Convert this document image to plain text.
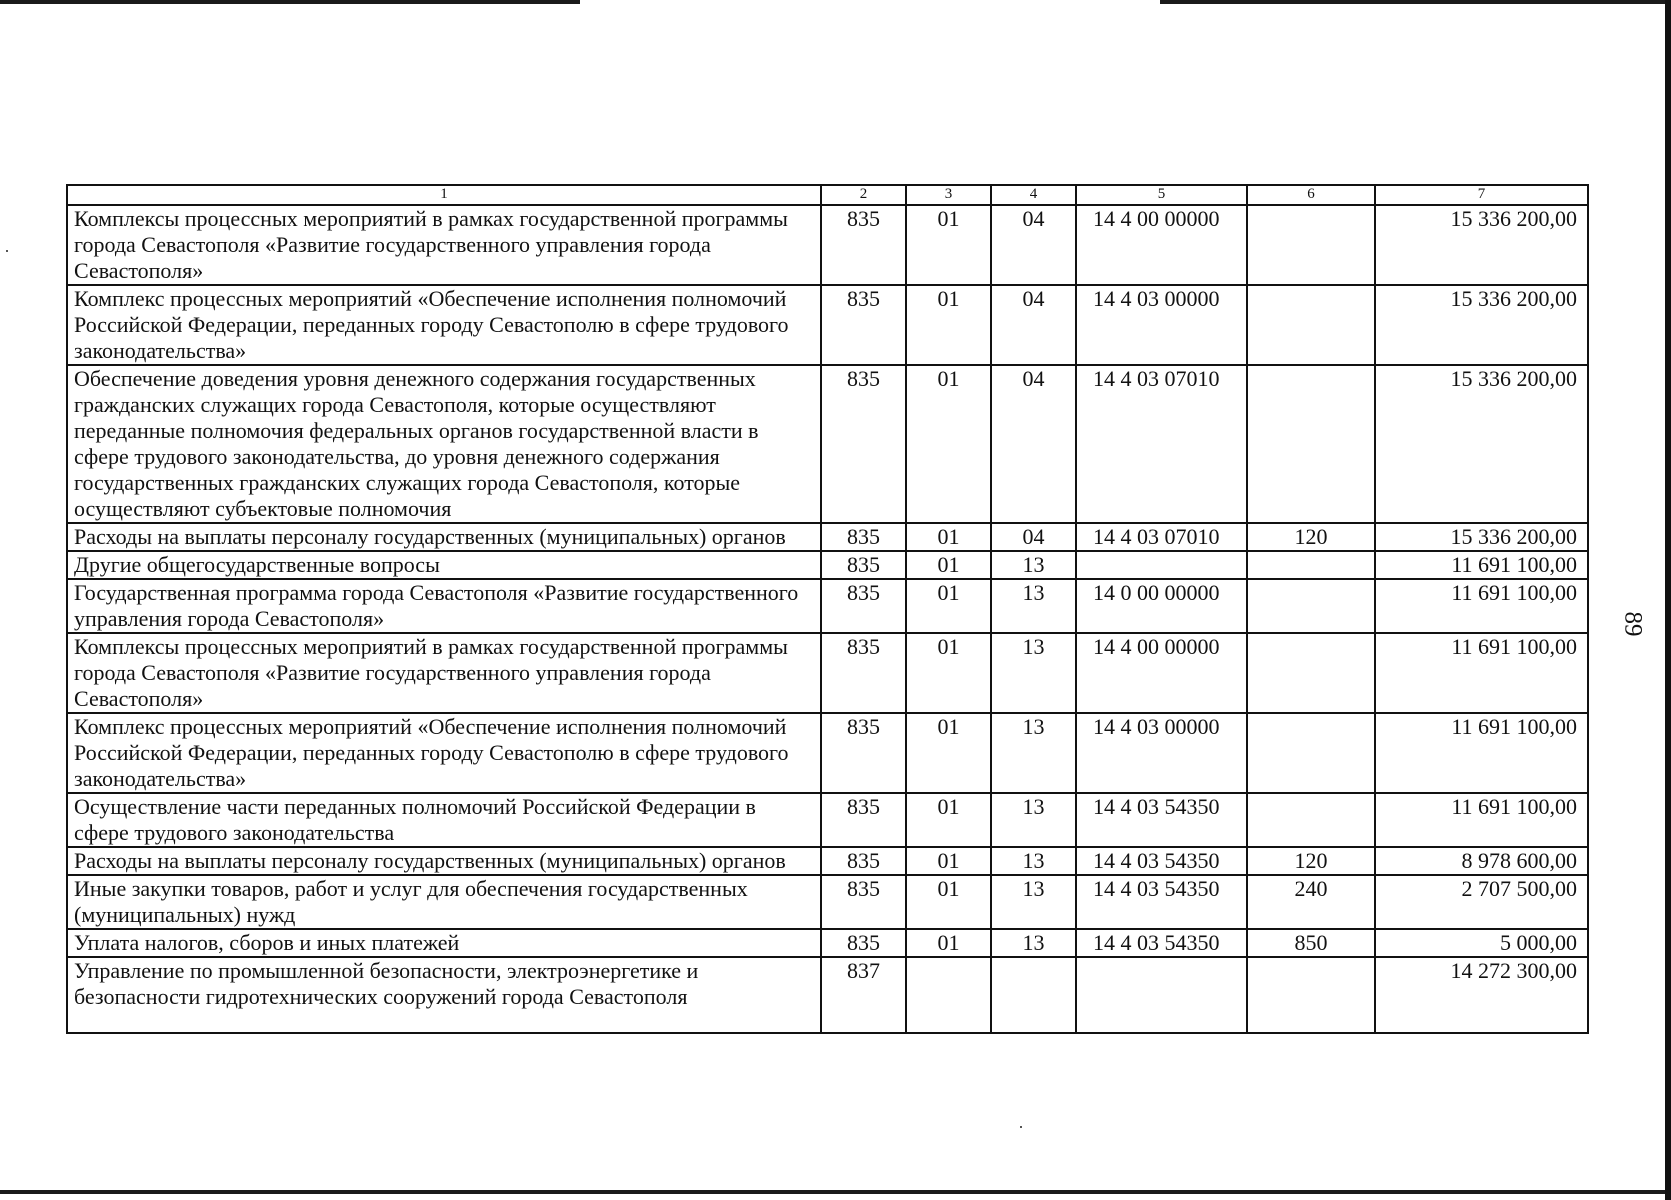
89
1	2	3	4	5	6	7
Комплексы процессных мероприятий в рамках государственной программы города Севастополя «Развитие государственного управления города Севастополя»	835	01	04	14 4 00 00000		15 336 200,00
Комплекс процессных мероприятий «Обеспечение исполнения полномочий Российской Федерации, переданных городу Севастополю в сфере трудового законодательства»	835	01	04	14 4 03 00000		15 336 200,00
Обеспечение доведения уровня денежного содержания государственных гражданских служащих города Севастополя, которые осуществляют переданные полномочия федеральных органов государственной власти в сфере трудового законодательства, до уровня денежного содержания государственных гражданских служащих города Севастополя, которые осуществляют субъектовые полномочия	835	01	04	14 4 03 07010		15 336 200,00
Расходы на выплаты персоналу государственных (муниципальных) органов	835	01	04	14 4 03 07010	120	15 336 200,00
Другие общегосударственные вопросы	835	01	13			11 691 100,00
Государственная программа города Севастополя «Развитие государственного управления города Севастополя»	835	01	13	14 0 00 00000		11 691 100,00
Комплексы процессных мероприятий в рамках государственной программы города Севастополя «Развитие государственного управления города Севастополя»	835	01	13	14 4 00 00000		11 691 100,00
Комплекс процессных мероприятий «Обеспечение исполнения полномочий Российской Федерации, переданных городу Севастополю в сфере трудового законодательства»	835	01	13	14 4 03 00000		11 691 100,00
Осуществление части переданных полномочий Российской Федерации в сфере трудового законодательства	835	01	13	14 4 03 54350		11 691 100,00
Расходы на выплаты персоналу государственных (муниципальных) органов	835	01	13	14 4 03 54350	120	8 978 600,00
Иные закупки товаров, работ и услуг для обеспечения государственных (муниципальных) нужд	835	01	13	14 4 03 54350	240	2 707 500,00
Уплата налогов, сборов и иных платежей	835	01	13	14 4 03 54350	850	5 000,00
Управление по промышленной безопасности, электроэнергетике и безопасности гидротехнических сооружений города Севастополя	837					14 272 300,00
